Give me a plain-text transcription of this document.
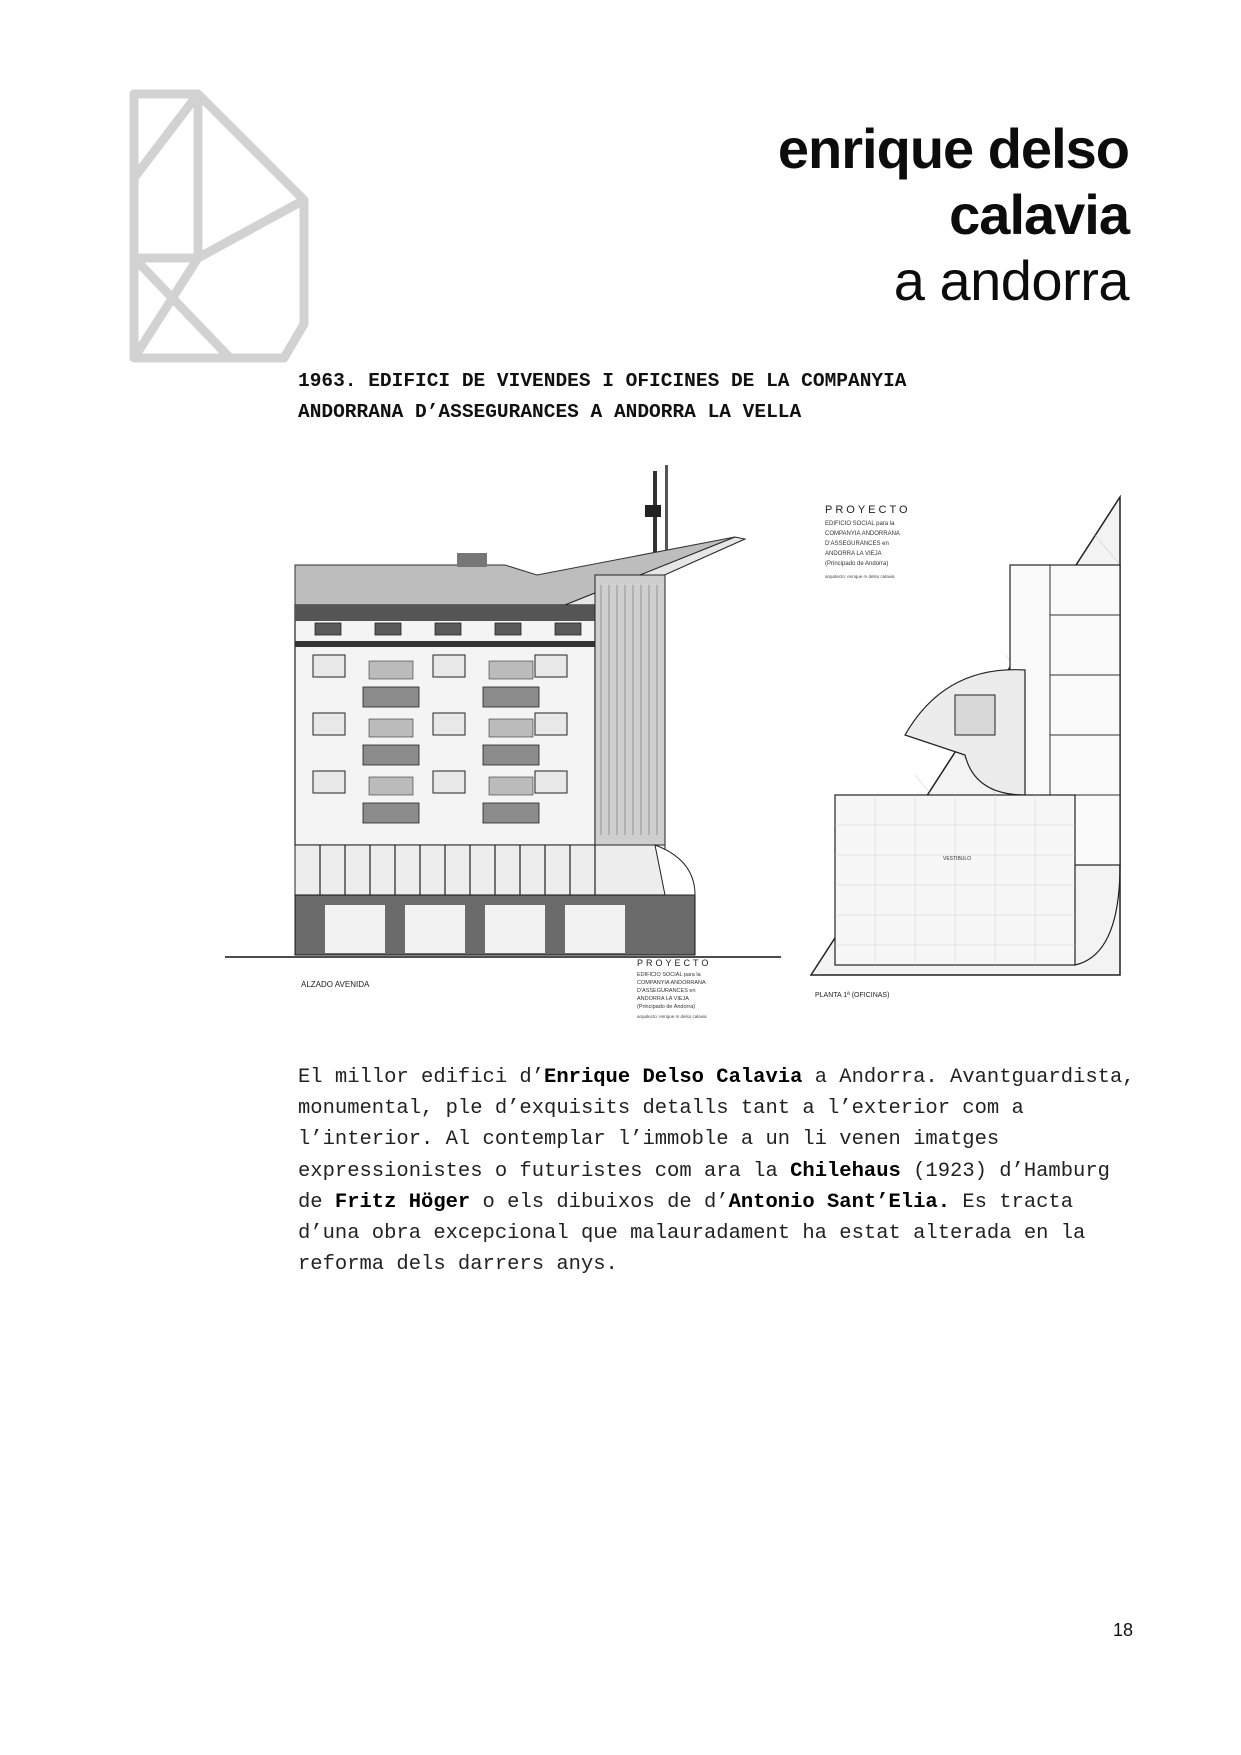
enrique delso
calavia
a andorra
1963. EDIFICI DE VIVENDES I OFICINES DE LA COMPANYIA
ANDORRANA D’ASSEGURANCES A ANDORRA LA VELLA
ALZADO AVENIDA
PROYECTO
EDIFICIO SOCIAL para la
COMPANYIA ANDORRANA
D'ASSEGURANCES en
ANDORRA LA VIEJA
(Principado de Andorra)
arquitecto: enrique m delso calavia
PROYECTO
EDIFICIO SOCIAL para la
COMPANYIA ANDORRANA
D'ASSEGURANCES en
ANDORRA LA VIEJA
(Principado de Andorra)
arquitecto: enrique m delso calavia
VESTIBULO
PLANTA 1ª (OFICINAS)
El millor edifici d’Enrique Delso Calavia a Andorra. Avantguardista, monumental, ple d’exquisits detalls tant a l’exterior com a l’interior. Al contemplar l’immoble a un li venen imatges expressionistes o futuristes com ara la Chilehaus (1923) d’Hamburg de Fritz Höger o els dibuixos de d’Antonio Sant’Elia. Es tracta d’una obra excepcional que malauradament ha estat alterada en la reforma dels darrers anys.
18
